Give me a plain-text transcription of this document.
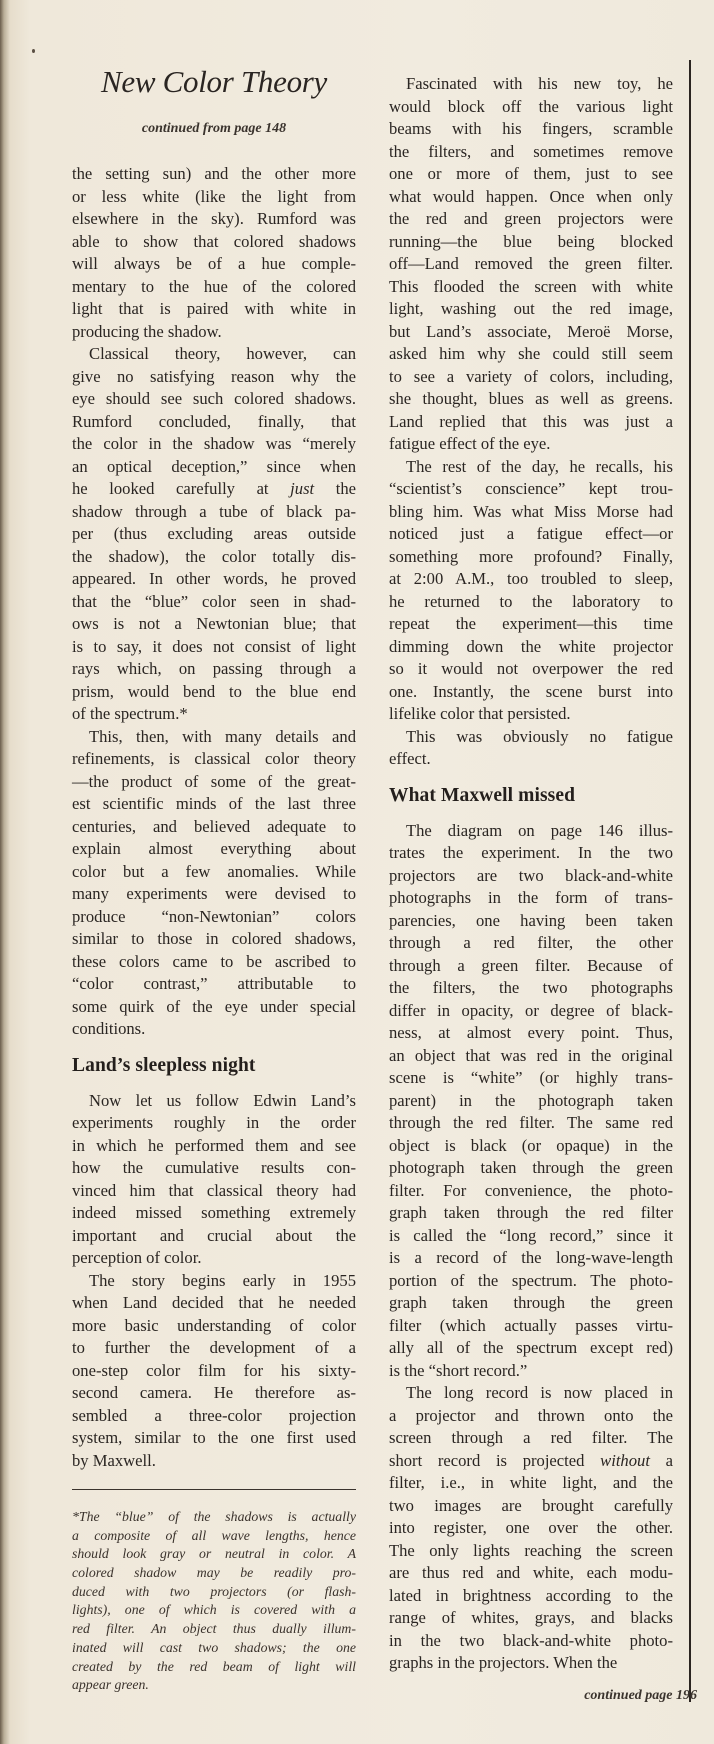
New Color Theory
continued from page 148
the setting sun) and the other more
or less white (like the light from
elsewhere in the sky). Rumford was
able to show that colored shadows
will always be of a hue comple-
mentary to the hue of the colored
light that is paired with white in
producing the shadow.
Classical theory, however, can
give no satisfying reason why the
eye should see such colored shadows.
Rumford concluded, finally, that
the color in the shadow was “merely
an optical deception,” since when
he looked carefully at just the
shadow through a tube of black pa-
per (thus excluding areas outside
the shadow), the color totally dis-
appeared. In other words, he proved
that the “blue” color seen in shad-
ows is not a Newtonian blue; that
is to say, it does not consist of light
rays which, on passing through a
prism, would bend to the blue end
of the spectrum.*
This, then, with many details and
refinements, is classical color theory
—the product of some of the great-
est scientific minds of the last three
centuries, and believed adequate to
explain almost everything about
color but a few anomalies. While
many experiments were devised to
produce “non-Newtonian” colors
similar to those in colored shadows,
these colors came to be ascribed to
“color contrast,” attributable to
some quirk of the eye under special
conditions.
Land’s sleepless night
Now let us follow Edwin Land’s
experiments roughly in the order
in which he performed them and see
how the cumulative results con-
vinced him that classical theory had
indeed missed something extremely
important and crucial about the
perception of color.
The story begins early in 1955
when Land decided that he needed
more basic understanding of color
to further the development of a
one-step color film for his sixty-
second camera. He therefore as-
sembled a three-color projection
system, similar to the one first used
by Maxwell.
*The “blue” of the shadows is actually
a composite of all wave lengths, hence
should look gray or neutral in color. A
colored shadow may be readily pro-
duced with two projectors (or flash-
lights), one of which is covered with a
red filter. An object thus dually illum-
inated will cast two shadows; the one
created by the red beam of light will
appear green.
Fascinated with his new toy, he
would block off the various light
beams with his fingers, scramble
the filters, and sometimes remove
one or more of them, just to see
what would happen. Once when only
the red and green projectors were
running—the blue being blocked
off—Land removed the green filter.
This flooded the screen with white
light, washing out the red image,
but Land’s associate, Meroë Morse,
asked him why she could still seem
to see a variety of colors, including,
she thought, blues as well as greens.
Land replied that this was just a
fatigue effect of the eye.
The rest of the day, he recalls, his
“scientist’s conscience” kept trou-
bling him. Was what Miss Morse had
noticed just a fatigue effect—or
something more profound? Finally,
at 2:00 A.M., too troubled to sleep,
he returned to the laboratory to
repeat the experiment—this time
dimming down the white projector
so it would not overpower the red
one. Instantly, the scene burst into
lifelike color that persisted.
This was obviously no fatigue
effect.
What Maxwell missed
The diagram on page 146 illus-
trates the experiment. In the two
projectors are two black-and-white
photographs in the form of trans-
parencies, one having been taken
through a red filter, the other
through a green filter. Because of
the filters, the two photographs
differ in opacity, or degree of black-
ness, at almost every point. Thus,
an object that was red in the original
scene is “white” (or highly trans-
parent) in the photograph taken
through the red filter. The same red
object is black (or opaque) in the
photograph taken through the green
filter. For convenience, the photo-
graph taken through the red filter
is called the “long record,” since it
is a record of the long-wave-length
portion of the spectrum. The photo-
graph taken through the green
filter (which actually passes virtu-
ally all of the spectrum except red)
is the “short record.”
The long record is now placed in
a projector and thrown onto the
screen through a red filter. The
short record is projected without a
filter, i.e., in white light, and the
two images are brought carefully
into register, one over the other.
The only lights reaching the screen
are thus red and white, each modu-
lated in brightness according to the
range of whites, grays, and blacks
in the two black-and-white photo-
graphs in the projectors. When the
continued page 196
